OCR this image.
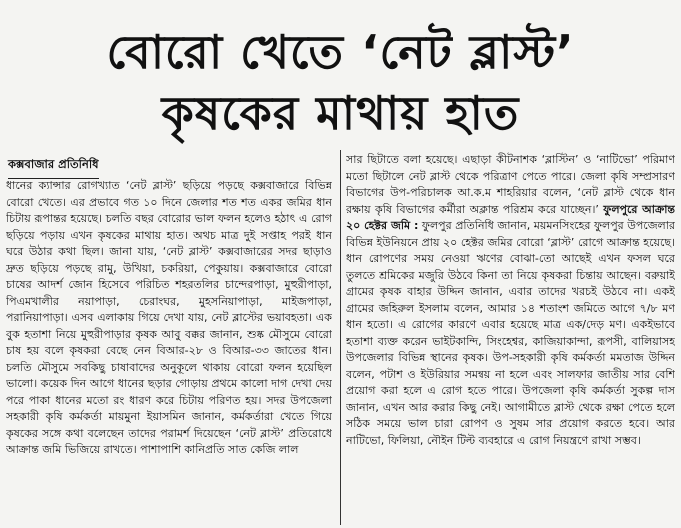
বোরো খেতে ‘নেট ব্লাস্ট’
কৃষকের মাথায় হাত
কক্সবাজার প্রতিনিধি

ধানের ক্যান্সার রোগখ্যাত ‘নেট ব্লাস্ট’ ছড়িয়ে পড়ছে কক্সবাজারে বিভিন্ন বোরো খেতে। এর প্রভাবে গত ১০ দিনে জেলার শত শত একর জমির ধান চিটায় রূপান্তর হয়েছে। চলতি বছর বোরোর ভাল ফলন হলেও হঠাৎ এ রোগ ছড়িয়ে পড়ায় এখন কৃষকের মাথায় হাত। অথচ মাত্র দুই সপ্তাহ পরই ধান ঘরে উঠার কথা ছিল। জানা যায়, ‘নেট ব্লাস্ট’ কক্সবাজারের সদর ছাড়াও দ্রুত ছড়িয়ে পড়ছে রামু, উখিয়া, চকরিয়া, পেকুয়ায়। কক্সবাজারে বোরো চাষের আদর্শ জোন হিসেবে পরিচিত শহরতলির চান্দেরপাড়া, মুহুরীপাড়া, পিএমখালীর নয়াপাড়া, চেরাংঘর, মুহসনিয়াপাড়া, মাইজপাড়া, পরানিয়াপাড়া। এসব এলাকায় গিয়ে দেখা যায়, নেট ব্লাস্টের ভয়াবহতা। এক বুক হতাশা নিয়ে মুহুরীপাড়ার কৃষক আবু বক্কর জানান, শুষ্ক মৌসুমে বোরো চাষ হয় বলে কৃষকরা বেছে নেন বিআর-২৮ ও বিআর-৩৩ জাতের ধান। চলতি মৌসুমে সবকিছু চাষাবাদের অনুকূলে থাকায় বোরো ফলন হয়েছিল ভালো। কয়েক দিন আগে ধানের ছড়ার গোড়ায় প্রথমে কালো দাগ দেখা দেয় পরে পাকা ধানের মতো রং ধারণ করে চিটায় পরিণত হয়। সদর উপজেলা সহকারী কৃষি কর্মকর্তা মায়মুনা ইয়াসমিন জানান, কর্মকর্তারা খেতে গিয়ে কৃষকের সঙ্গে কথা বলেছেন তাদের পরামর্শ দিয়েছেন ‘নেট ব্লাস্ট’ প্রতিরোধে আক্রান্ত জমি ভিজিয়ে রাখতে। পাশাপাশি কানিপ্রতি সাত কেজি লাল

সার ছিটাতে বলা হয়েছে। এছাড়া কীটনাশক ‘ব্লাস্টিন’ ও ‘নাটিভো’ পরিমাণ মতো ছিটালে নেট ব্লাস্ট থেকে পরিত্রাণ পেতে পারে। জেলা কৃষি সম্প্রসারণ বিভাগের উপ-পরিচালক আ.ক.ম শাহরিয়ার বলেন, ‘নেট ব্লাস্ট থেকে ধান রক্ষায় কৃষি বিভাগের কর্মীরা অক্লান্ত পরিশ্রম করে যাচ্ছেন।’ ফুলপুরে আক্রান্ত ২০ হেক্টর জমি : ফুলপুর প্রতিনিধি জানান, ময়মনসিংহের ফুলপুর উপজেলার বিভিন্ন ইউনিয়নে প্রায় ২০ হেক্টর জমির বোরো ‘ব্লাস্ট’ রোগে আক্রান্ত হয়েছে। ধান রোপণের সময় নেওয়া ঋণের বোঝা-তো আছেই এখন ফসল ঘরে তুলতে শ্রমিকের মজুরি উঠবে কিনা তা নিয়ে কৃষকরা চিন্তায় আছেন। বরুয়াই গ্রামের কৃষক বাহার উদ্দিন জানান, এবার তাদের খরচই উঠবে না। একই গ্রামের জহিরুল ইসলাম বলেন, আমার ১৪ শতাংশ জমিতে আগে ৭/৮ মণ ধান হতো। এ রোগের কারণে এবার হয়েছে মাত্র এক/দেড় মণ। একইভাবে হতাশা ব্যক্ত করেন ভাইটকান্দি, সিংহেশ্বর, কাজিয়াকান্দা, রূপসী, বালিয়াসহ উপজেলার বিভিন্ন স্থানের কৃষক। উপ-সহকারী কৃষি কর্মকর্তা মমতাজ উদ্দিন বলেন, পটাশ ও ইউরিয়ার সমন্বয় না হলে এবং সালফার জাতীয় সার বেশি প্রয়োগ করা হলে এ রোগ হতে পারে। উপজেলা কৃষি কর্মকর্তা সুকল্প দাস জানান, এখন আর করার কিছু নেই। আগামীতে ব্লাস্ট থেকে রক্ষা পেতে হলে সঠিক সময়ে ভাল চারা রোপণ ও সুষম সার প্রয়োগ করতে হবে। আর নাটিভো, ফিলিয়া, নৌইন টিল্ট ব্যবহারে এ রোগ নিয়ন্ত্রণে রাখা সম্ভব।
